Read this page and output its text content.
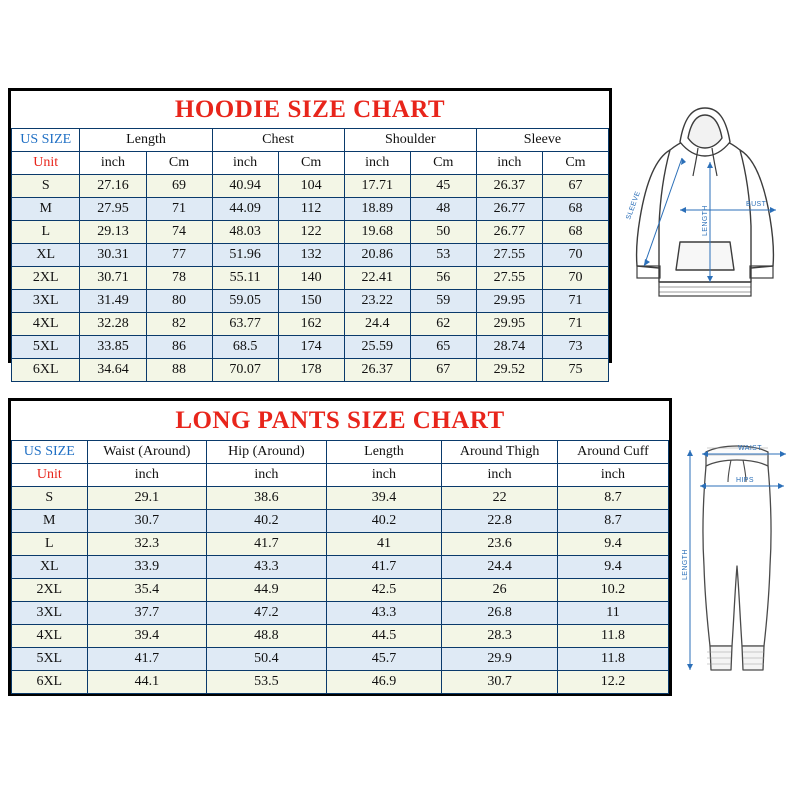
HOODIE SIZE CHART
US SIZE	Length		Chest		Shoulder		Sleeve	
Unit	inch	Cm	inch	Cm	inch	Cm	inch	Cm
S	27.16	69	40.94	104	17.71	45	26.37	67
M	27.95	71	44.09	112	18.89	48	26.77	68
L	29.13	74	48.03	122	19.68	50	26.77	68
XL	30.31	77	51.96	132	20.86	53	27.55	70
2XL	30.71	78	55.11	140	22.41	56	27.55	70
3XL	31.49	80	59.05	150	23.22	59	29.95	71
4XL	32.28	82	63.77	162	24.4	62	29.95	71
5XL	33.85	86	68.5	174	25.59	65	28.74	73
6XL	34.64	88	70.07	178	26.37	67	29.52	75
BUST
LENGTH
SLEEVE
LONG PANTS SIZE CHART
US SIZE	Waist (Around)	Hip (Around)	Length	Around Thigh	Around Cuff
Unit	inch	inch	inch	inch	inch
S	29.1	38.6	39.4	22	8.7
M	30.7	40.2	40.2	22.8	8.7
L	32.3	41.7	41	23.6	9.4
XL	33.9	43.3	41.7	24.4	9.4
2XL	35.4	44.9	42.5	26	10.2
3XL	37.7	47.2	43.3	26.8	11
4XL	39.4	48.8	44.5	28.3	11.8
5XL	41.7	50.4	45.7	29.9	11.8
6XL	44.1	53.5	46.9	30.7	12.2
WAIST
HIPS
LENGTH
